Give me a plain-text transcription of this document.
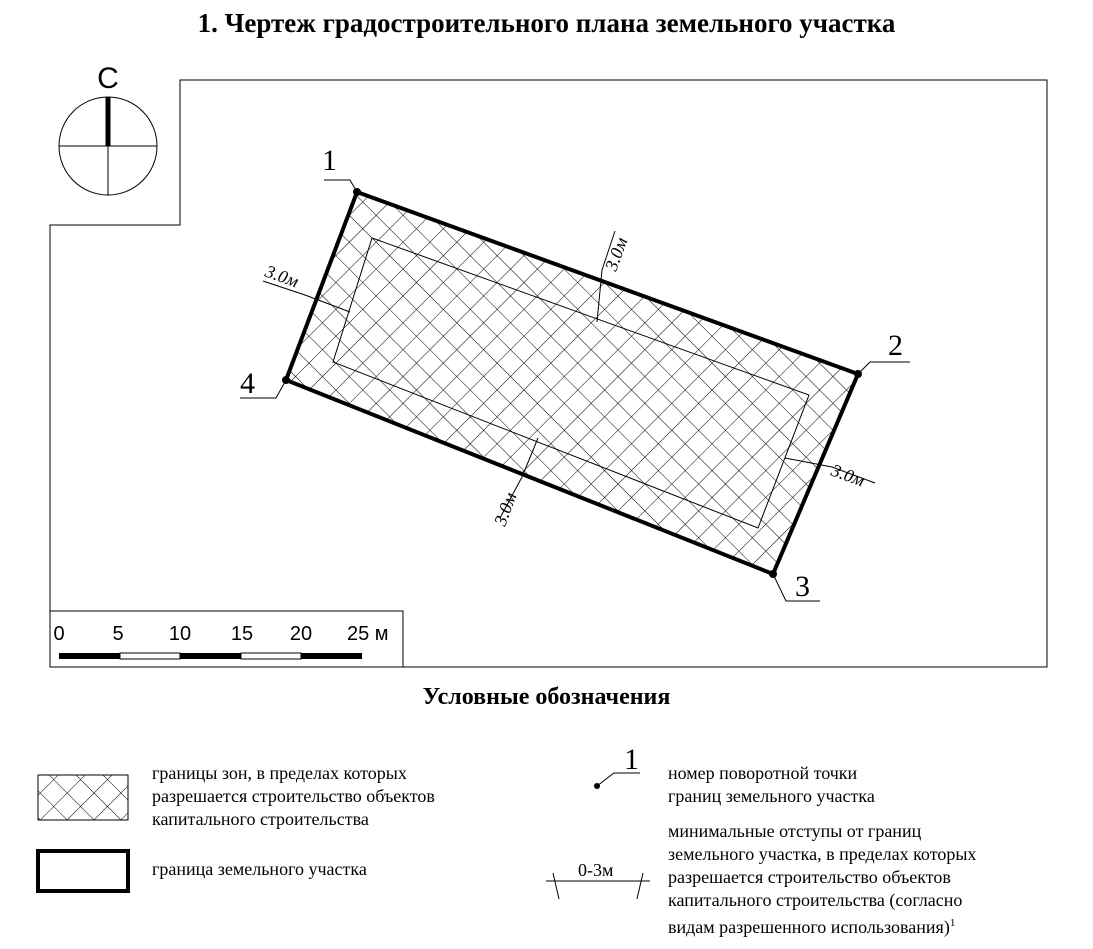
1. Чертеж градостроительного плана земельного участка
С
1
2
3
4
3.0м
3.0м
3.0м
3.0м
0 5 10 15 20 25 м
1
0-3м
Условные обозначения
границы зон, в пределах которых
разрешается строительство объектов
капитального строительства
граница земельного участка
номер поворотной точки
границ земельного участка
минимальные отступы от границ
земельного участка, в пределах которых
разрешается строительство объектов
капитального строительства (согласно
видам разрешенного использования)$^1$
